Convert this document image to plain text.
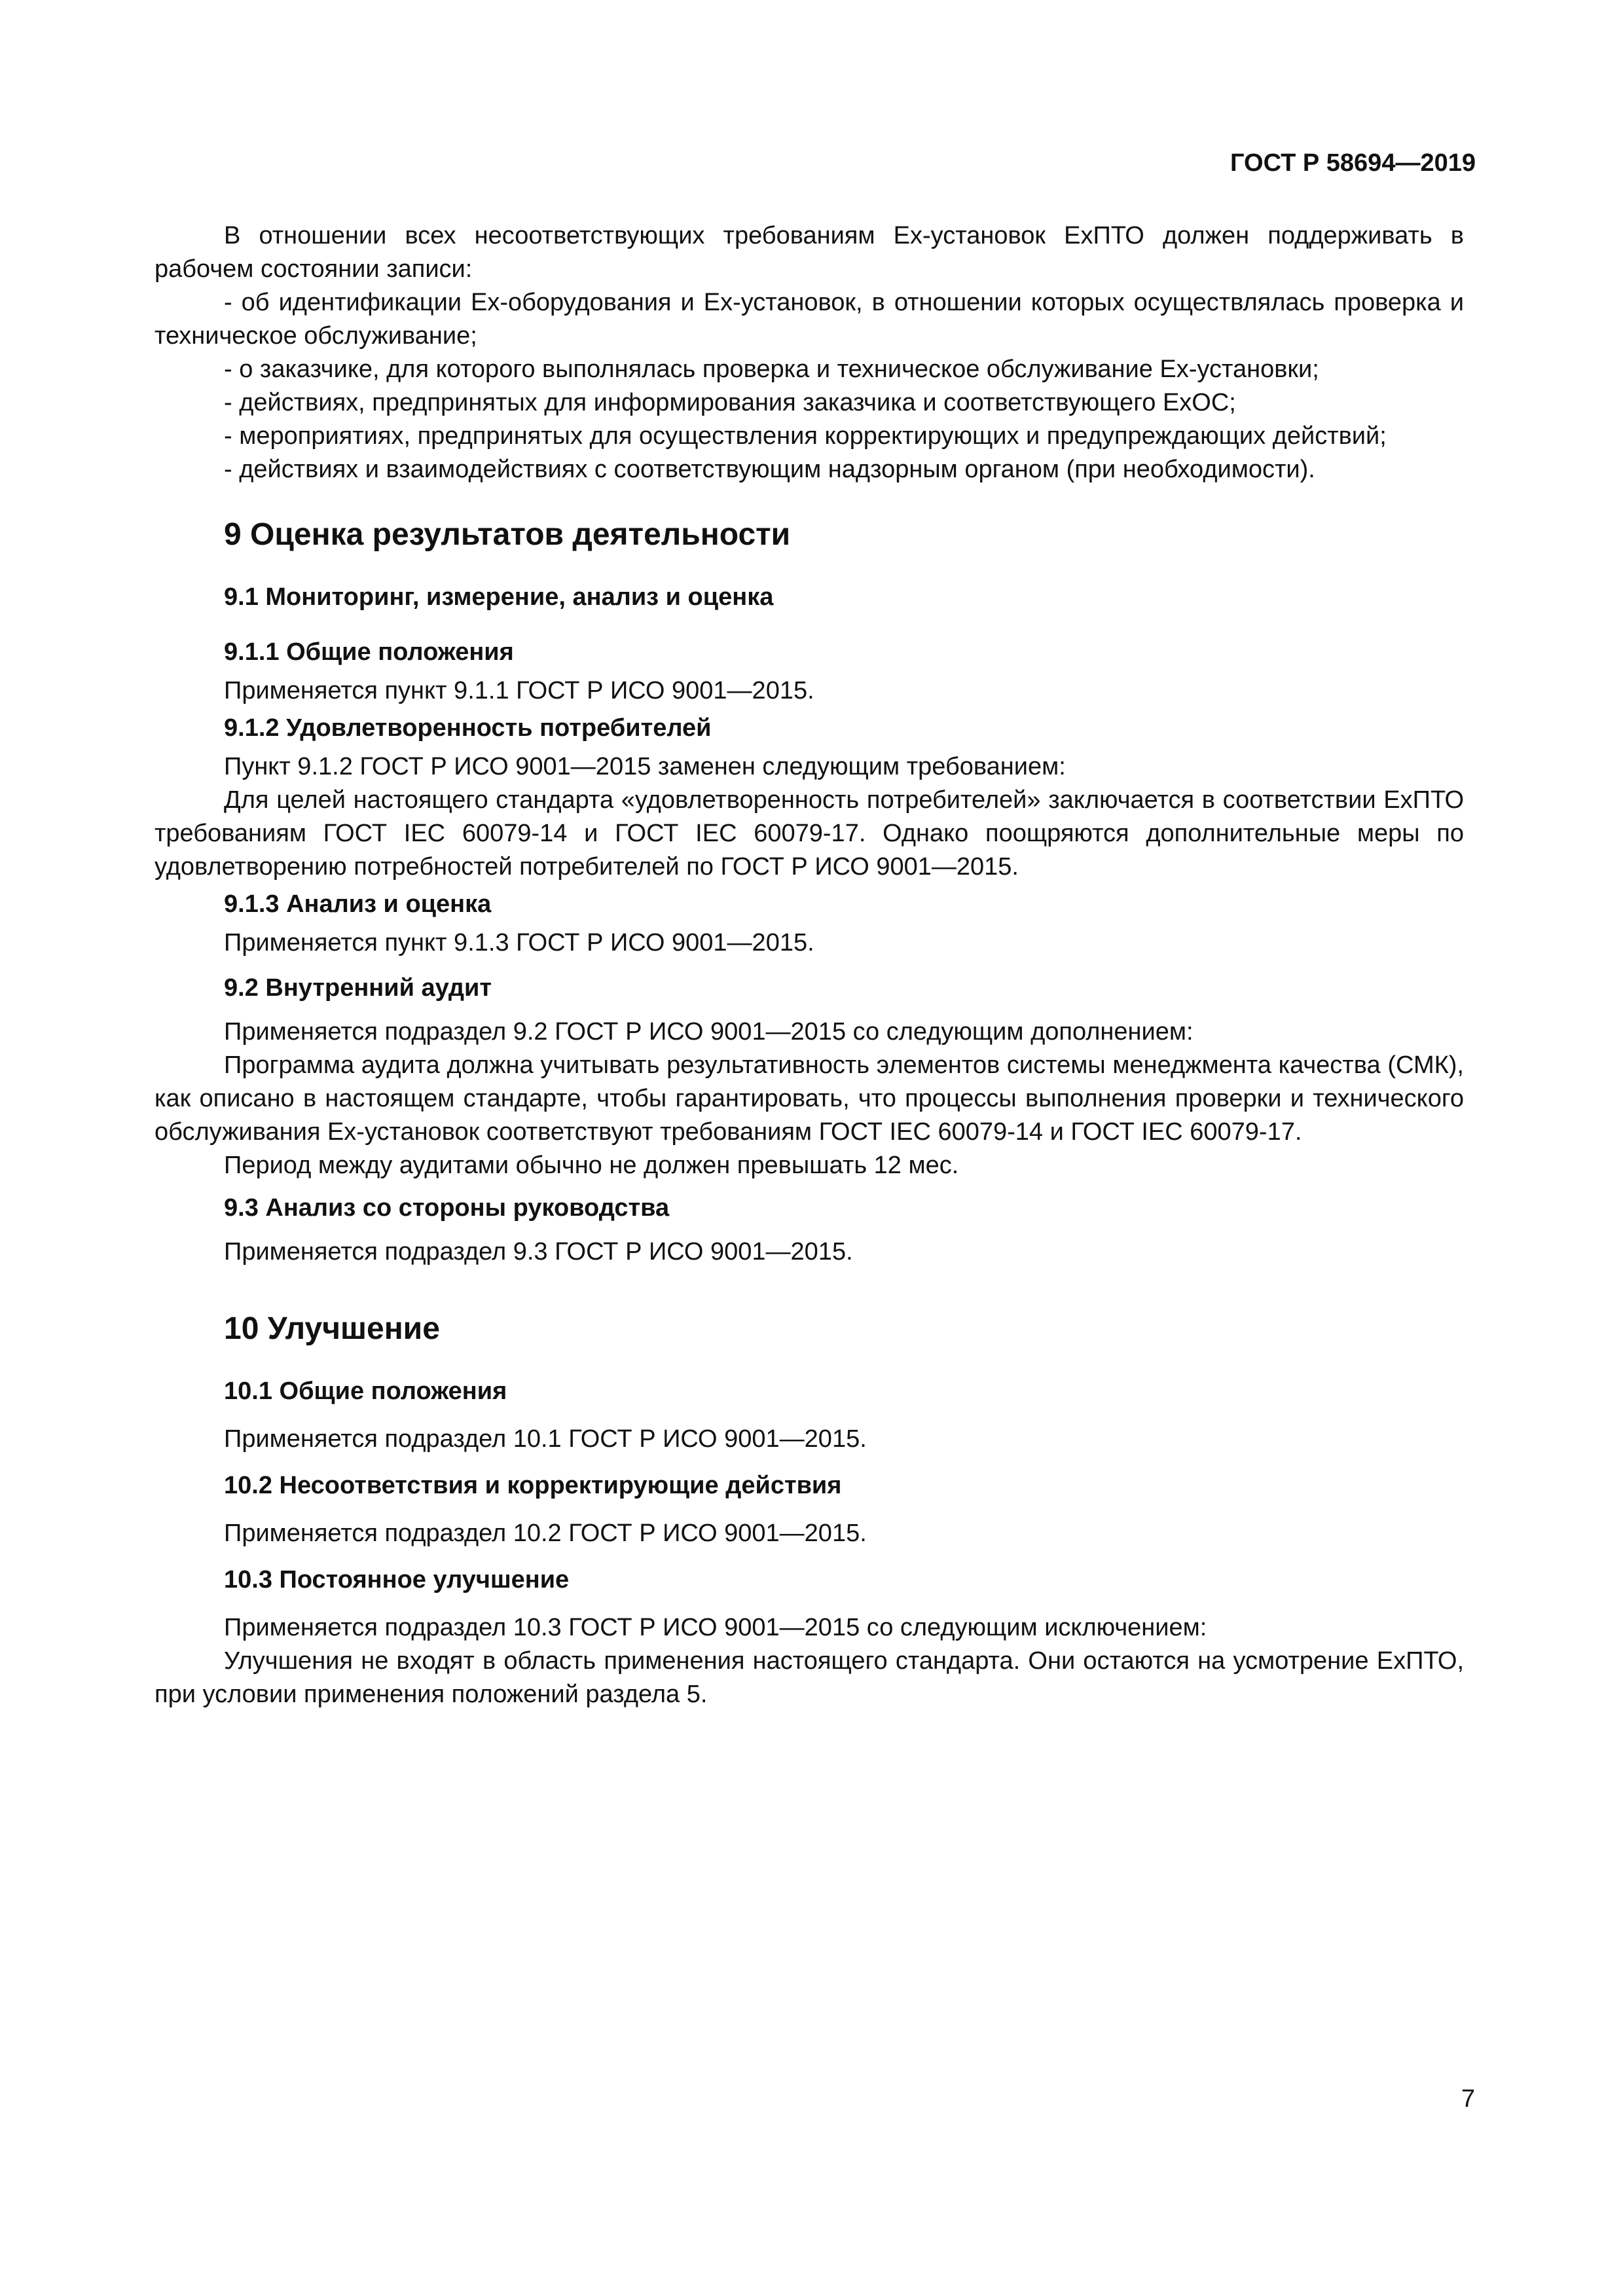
ГОСТ Р 58694—2019

В отношении всех несоответствующих требованиям Ex-установок ЕхПТО должен поддерживать в рабочем состоянии записи:

- об идентификации Ex-оборудования и Ex-установок, в отношении которых осуществлялась проверка и техническое обслуживание;

- о заказчике, для которого выполнялась проверка и техническое обслуживание Ex-установки;

- действиях, предпринятых для информирования заказчика и соответствующего ЕхОС;

- мероприятиях, предпринятых для осуществления корректирующих и предупреждающих действий;

- действиях и взаимодействиях с соответствующим надзорным органом (при необходимости).

9 Оценка результатов деятельности
9.1 Мониторинг, измерение, анализ и оценка
9.1.1 Общие положения

Применяется пункт 9.1.1 ГОСТ Р ИСО 9001—2015.

9.1.2 Удовлетворенность потребителей

Пункт 9.1.2 ГОСТ Р ИСО 9001—2015 заменен следующим требованием:

Для целей настоящего стандарта «удовлетворенность потребителей» заключается в соответствии ЕхПТО требованиям ГОСТ IEC 60079-14 и ГОСТ IEC 60079-17. Однако поощряются дополнительные меры по удовлетворению потребностей потребителей по ГОСТ Р ИСО 9001—2015.

9.1.3 Анализ и оценка

Применяется пункт 9.1.3 ГОСТ Р ИСО 9001—2015.

9.2 Внутренний аудит

Применяется подраздел 9.2 ГОСТ Р ИСО 9001—2015 со следующим дополнением:

Программа аудита должна учитывать результативность элементов системы менеджмента качества (СМК), как описано в настоящем стандарте, чтобы гарантировать, что процессы выполнения проверки и технического обслуживания Ex-установок соответствуют требованиям ГОСТ IEC 60079-14 и ГОСТ IEC 60079-17.

Период между аудитами обычно не должен превышать 12 мес.

9.3 Анализ со стороны руководства

Применяется подраздел 9.3 ГОСТ Р ИСО 9001—2015.

10 Улучшение
10.1 Общие положения

Применяется подраздел 10.1 ГОСТ Р ИСО 9001—2015.

10.2 Несоответствия и корректирующие действия

Применяется подраздел 10.2 ГОСТ Р ИСО 9001—2015.

10.3 Постоянное улучшение

Применяется подраздел 10.3 ГОСТ Р ИСО 9001—2015 со следующим исключением:

Улучшения не входят в область применения настоящего стандарта. Они остаются на усмотрение ЕхПТО, при условии применения положений раздела 5.

7
